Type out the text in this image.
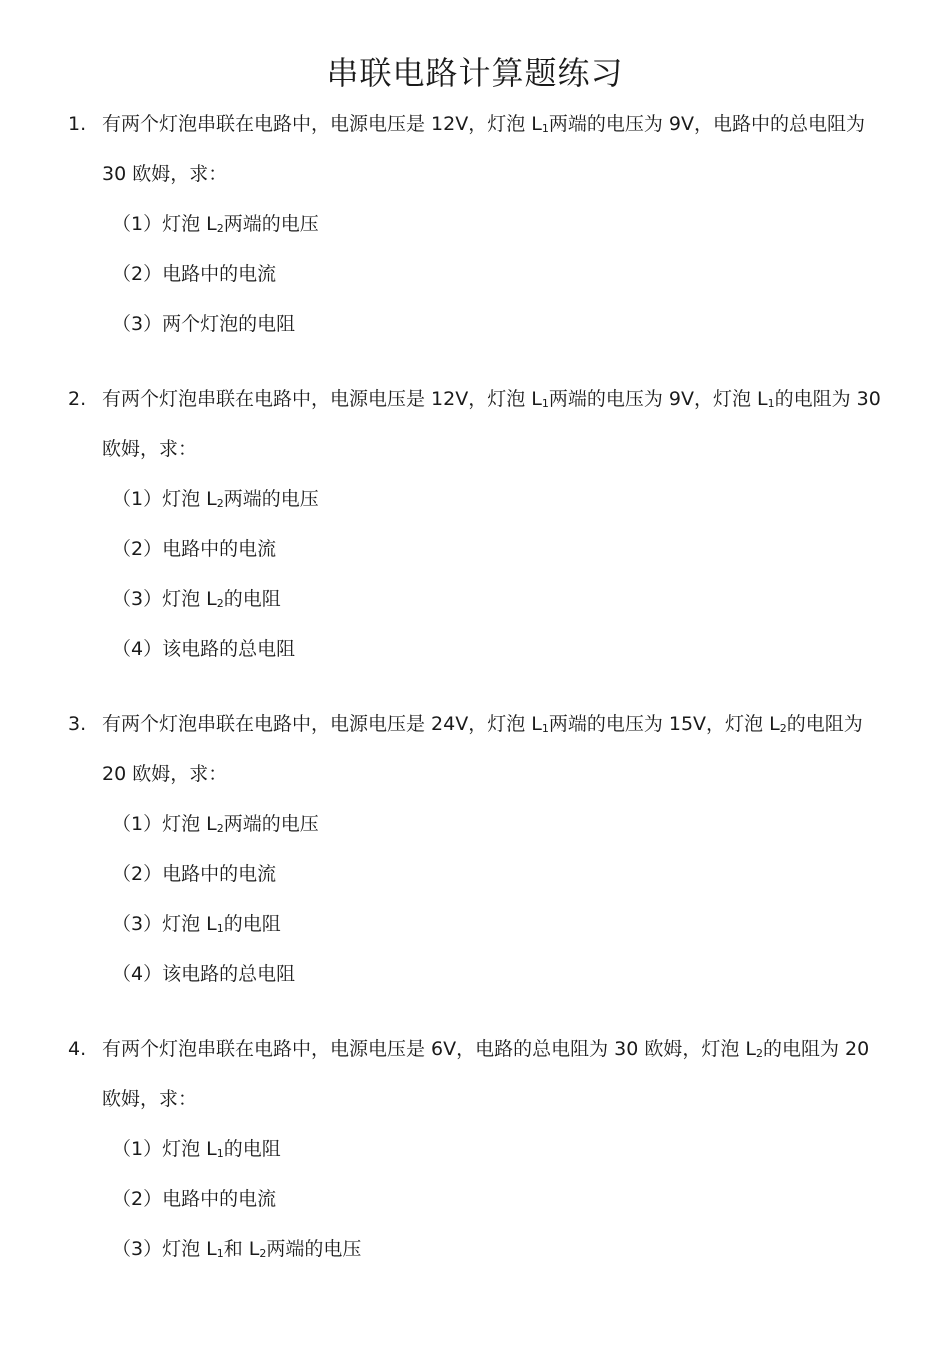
串联电路计算题练习
1. 有两个灯泡串联在电路中，电源电压是 12V，灯泡 $L_1$两端的电压为 9V，电路中的总电阻为
30 欧姆，求：
（1）灯泡 $L_2$两端的电压
（2）电路中的电流
（3）两个灯泡的电阻
2. 有两个灯泡串联在电路中，电源电压是 12V，灯泡 $L_1$两端的电压为 9V，灯泡 $L_1$的电阻为 30
欧姆，求：
（1）灯泡 $L_2$两端的电压
（2）电路中的电流
（3）灯泡 $L_2$的电阻
（4）该电路的总电阻
3. 有两个灯泡串联在电路中，电源电压是 24V，灯泡 $L_1$两端的电压为 15V，灯泡 $L_2$的电阻为
20 欧姆，求：
（1）灯泡 $L_2$两端的电压
（2）电路中的电流
（3）灯泡 $L_1$的电阻
（4）该电路的总电阻
4. 有两个灯泡串联在电路中，电源电压是 6V，电路的总电阻为 30 欧姆，灯泡 $L_2$的电阻为 20
欧姆，求：
（1）灯泡 $L_1$的电阻
（2）电路中的电流
（3）灯泡 $L_1$和 $L_2$两端的电压
